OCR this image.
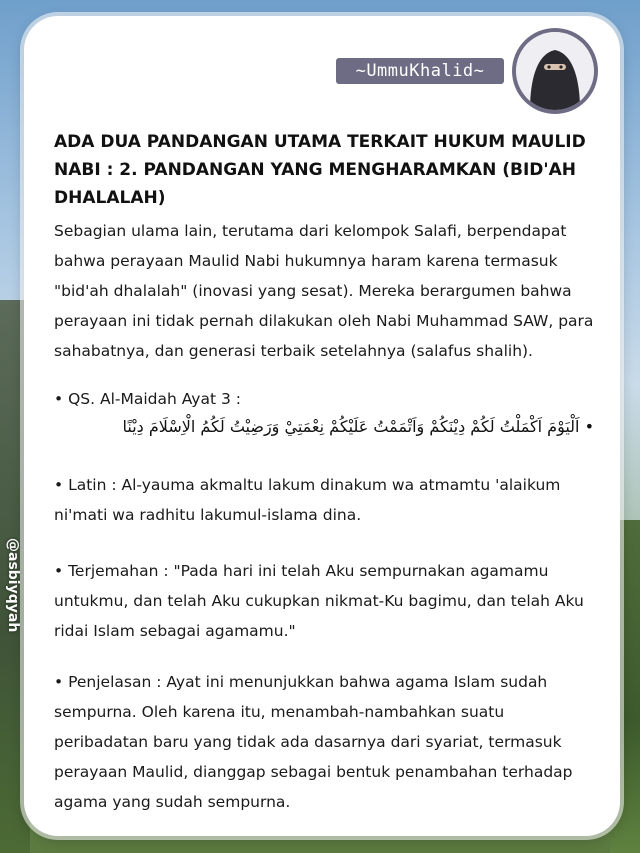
@asbiyqyah
~UmmuKhalid~
ADA DUA PANDANGAN UTAMA TERKAIT HUKUM MAULID NABI : 2. PANDANGAN YANG MENGHARAMKAN (BID'AH DHALALAH)
Sebagian ulama lain, terutama dari kelompok Salafi, berpendapat bahwa perayaan Maulid Nabi hukumnya haram karena termasuk "bid'ah dhalalah" (inovasi yang sesat). Mereka berargumen bahwa perayaan ini tidak pernah dilakukan oleh Nabi Muhammad SAW, para sahabatnya, dan generasi terbaik setelahnya (salafus shalih).
• QS. Al-Maidah Ayat 3 :
• اَلْيَوْمَ اَكْمَلْتُ لَكُمْ دِيْنَكُمْ وَاَتْمَمْتُ عَلَيْكُمْ نِعْمَتِيْ وَرَضِيْتُ لَكُمُ الْاِسْلَامَ دِيْنًا
• Latin : Al-yauma akmaltu lakum dinakum wa atmamtu 'alaikum ni'mati wa radhitu lakumul-islama dina.
• Terjemahan : "Pada hari ini telah Aku sempurnakan agamamu untukmu, dan telah Aku cukupkan nikmat-Ku bagimu, dan telah Aku ridai Islam sebagai agamamu."
• Penjelasan : Ayat ini menunjukkan bahwa agama Islam sudah sempurna. Oleh karena itu, menambah-nambahkan suatu peribadatan baru yang tidak ada dasarnya dari syariat, termasuk perayaan Maulid, dianggap sebagai bentuk penambahan terhadap agama yang sudah sempurna.
